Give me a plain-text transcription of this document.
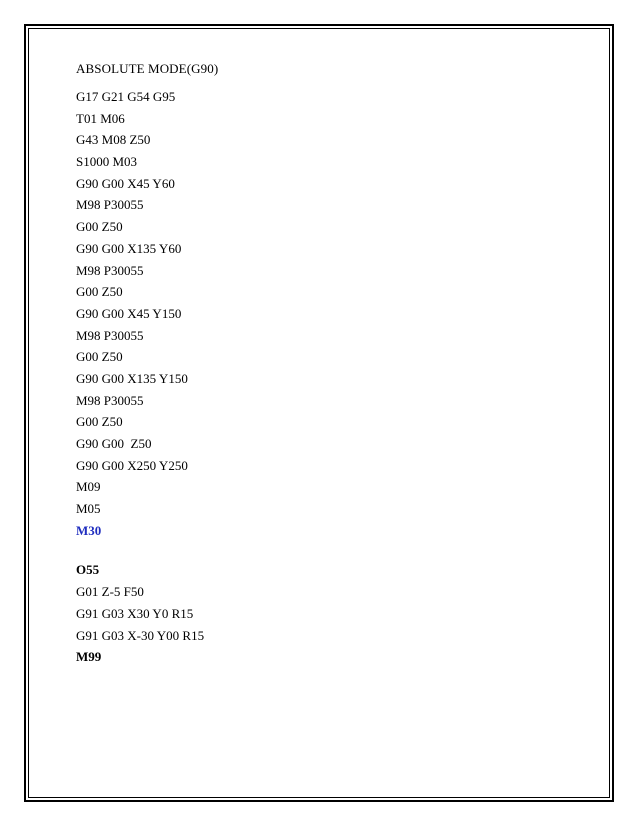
ABSOLUTE MODE(G90)
G17 G21 G54 G95
T01 M06
G43 M08 Z50
S1000 M03
G90 G00 X45 Y60
M98 P30055
G00 Z50
G90 G00 X135 Y60
M98 P30055
G00 Z50
G90 G00 X45 Y150
M98 P30055
G00 Z50
G90 G00 X135 Y150
M98 P30055
G00 Z50
G90 G00  Z50
G90 G00 X250 Y250
M09
M05
M30
O55
G01 Z-5 F50
G91 G03 X30 Y0 R15
G91 G03 X-30 Y00 R15
M99
